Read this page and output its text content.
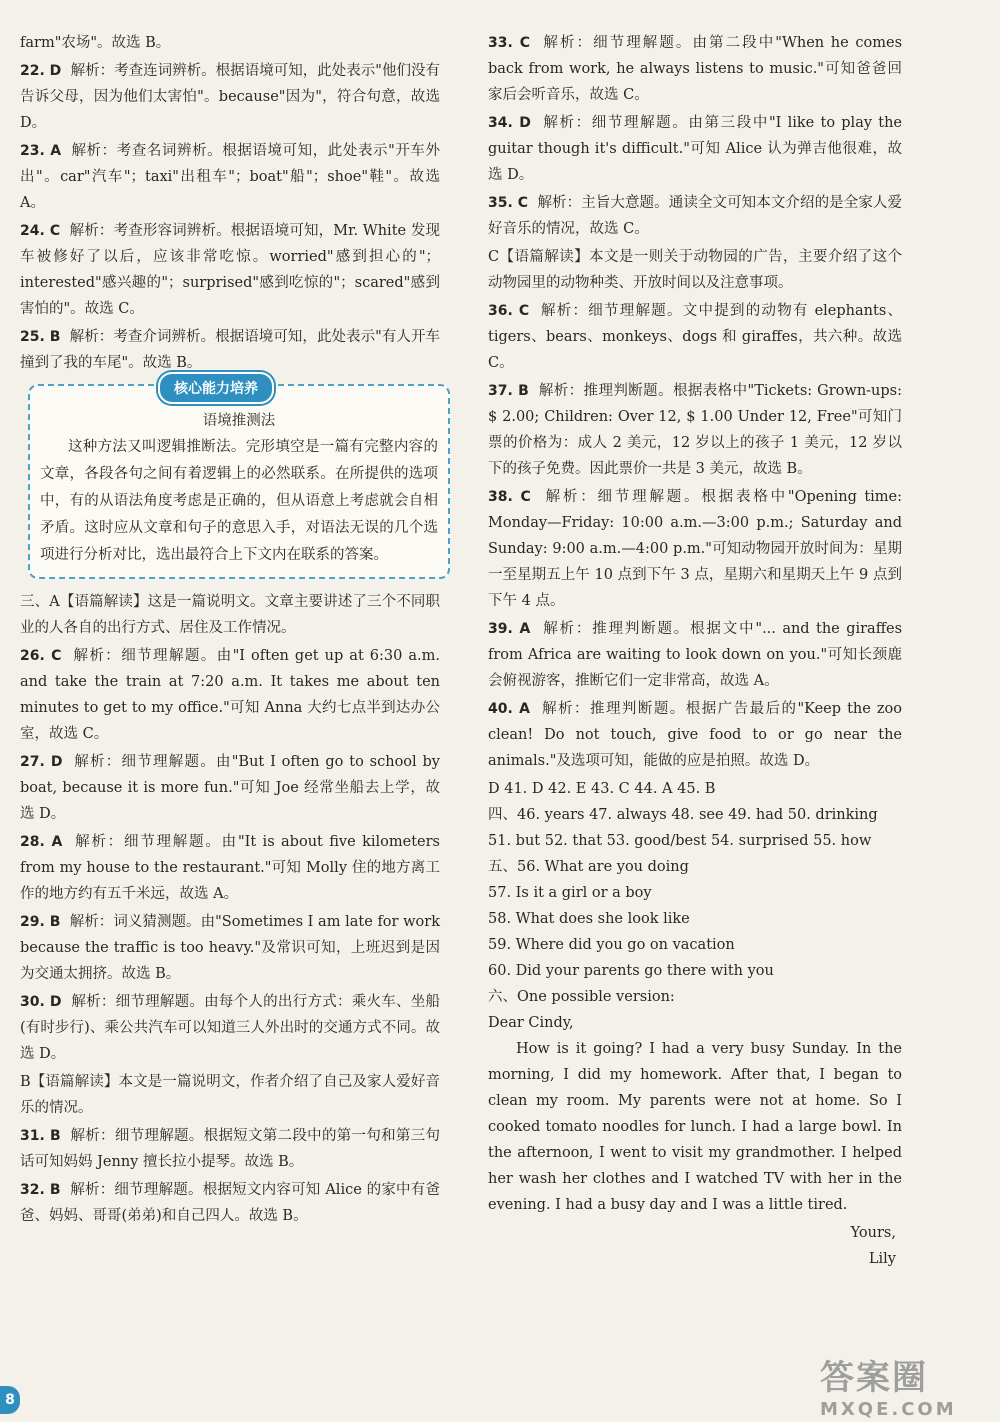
farm"农场"。故选 B。

22. D 解析：考查连词辨析。根据语境可知，此处表示"他们没有告诉父母，因为他们太害怕"。because"因为"，符合句意，故选 D。

23. A 解析：考查名词辨析。根据语境可知，此处表示"开车外出"。car"汽车"；taxi"出租车"；boat"船"；shoe"鞋"。故选 A。

24. C 解析：考查形容词辨析。根据语境可知，Mr. White 发现车被修好了以后，应该非常吃惊。worried"感到担心的"；interested"感兴趣的"；surprised"感到吃惊的"；scared"感到害怕的"。故选 C。

25. B 解析：考查介词辨析。根据语境可知，此处表示"有人开车撞到了我的车尾"。故选 B。

核心能力培养

语境推测法

这种方法又叫逻辑推断法。完形填空是一篇有完整内容的文章，各段各句之间有着逻辑上的必然联系。在所提供的选项中，有的从语法角度考虑是正确的，但从语意上考虑就会自相矛盾。这时应从文章和句子的意思入手，对语法无误的几个选项进行分析对比，选出最符合上下文内在联系的答案。

三、A【语篇解读】这是一篇说明文。文章主要讲述了三个不同职业的人各自的出行方式、居住及工作情况。

26. C 解析：细节理解题。由"I often get up at 6:30 a.m. and take the train at 7:20 a.m. It takes me about ten minutes to get to my office."可知 Anna 大约七点半到达办公室，故选 C。

27. D 解析：细节理解题。由"But I often go to school by boat, because it is more fun."可知 Joe 经常坐船去上学，故选 D。

28. A 解析：细节理解题。由"It is about five kilometers from my house to the restaurant."可知 Molly 住的地方离工作的地方约有五千米远，故选 A。

29. B 解析：词义猜测题。由"Sometimes I am late for work because the traffic is too heavy."及常识可知，上班迟到是因为交通太拥挤。故选 B。

30. D 解析：细节理解题。由每个人的出行方式：乘火车、坐船(有时步行)、乘公共汽车可以知道三人外出时的交通方式不同。故选 D。

B【语篇解读】本文是一篇说明文，作者介绍了自己及家人爱好音乐的情况。

31. B 解析：细节理解题。根据短文第二段中的第一句和第三句话可知妈妈 Jenny 擅长拉小提琴。故选 B。

32. B 解析：细节理解题。根据短文内容可知 Alice 的家中有爸爸、妈妈、哥哥(弟弟)和自己四人。故选 B。

33. C 解析：细节理解题。由第二段中"When he comes back from work, he always listens to music."可知爸爸回家后会听音乐，故选 C。

34. D 解析：细节理解题。由第三段中"I like to play the guitar though it's difficult."可知 Alice 认为弹吉他很难，故选 D。

35. C 解析：主旨大意题。通读全文可知本文介绍的是全家人爱好音乐的情况，故选 C。

C【语篇解读】本文是一则关于动物园的广告，主要介绍了这个动物园里的动物种类、开放时间以及注意事项。

36. C 解析：细节理解题。文中提到的动物有 elephants、tigers、bears、monkeys、dogs 和 giraffes，共六种。故选 C。

37. B 解析：推理判断题。根据表格中"Tickets: Grown-ups: $ 2.00; Children: Over 12, $ 1.00 Under 12, Free"可知门票的价格为：成人 2 美元，12 岁以上的孩子 1 美元，12 岁以下的孩子免费。因此票价一共是 3 美元，故选 B。

38. C 解析：细节理解题。根据表格中"Opening time: Monday—Friday: 10:00 a.m.—3:00 p.m.; Saturday and Sunday: 9:00 a.m.—4:00 p.m."可知动物园开放时间为：星期一至星期五上午 10 点到下午 3 点，星期六和星期天上午 9 点到下午 4 点。

39. A 解析：推理判断题。根据文中"... and the giraffes from Africa are waiting to look down on you."可知长颈鹿会俯视游客，推断它们一定非常高，故选 A。

40. A 解析：推理判断题。根据广告最后的"Keep the zoo clean! Do not touch, give food to or go near the animals."及选项可知，能做的应是拍照。故选 D。

D 41. D 42. E 43. C 44. A 45. B

四、46. years 47. always 48. see 49. had 50. drinking

51. but 52. that 53. good/best 54. surprised 55. how

五、56. What are you doing

57. Is it a girl or a boy

58. What does she look like

59. Where did you go on vacation

60. Did your parents go there with you

六、One possible version:

Dear Cindy,

How is it going? I had a very busy Sunday. In the morning, I did my homework. After that, I began to clean my room. My parents were not at home. So I cooked tomato noodles for lunch. I had a large bowl. In the afternoon, I went to visit my grandmother. I helped her wash her clothes and I watched TV with her in the evening. I had a busy day and I was a little tired.

Yours,

Lily

8
答案圈
MXQE.COM
